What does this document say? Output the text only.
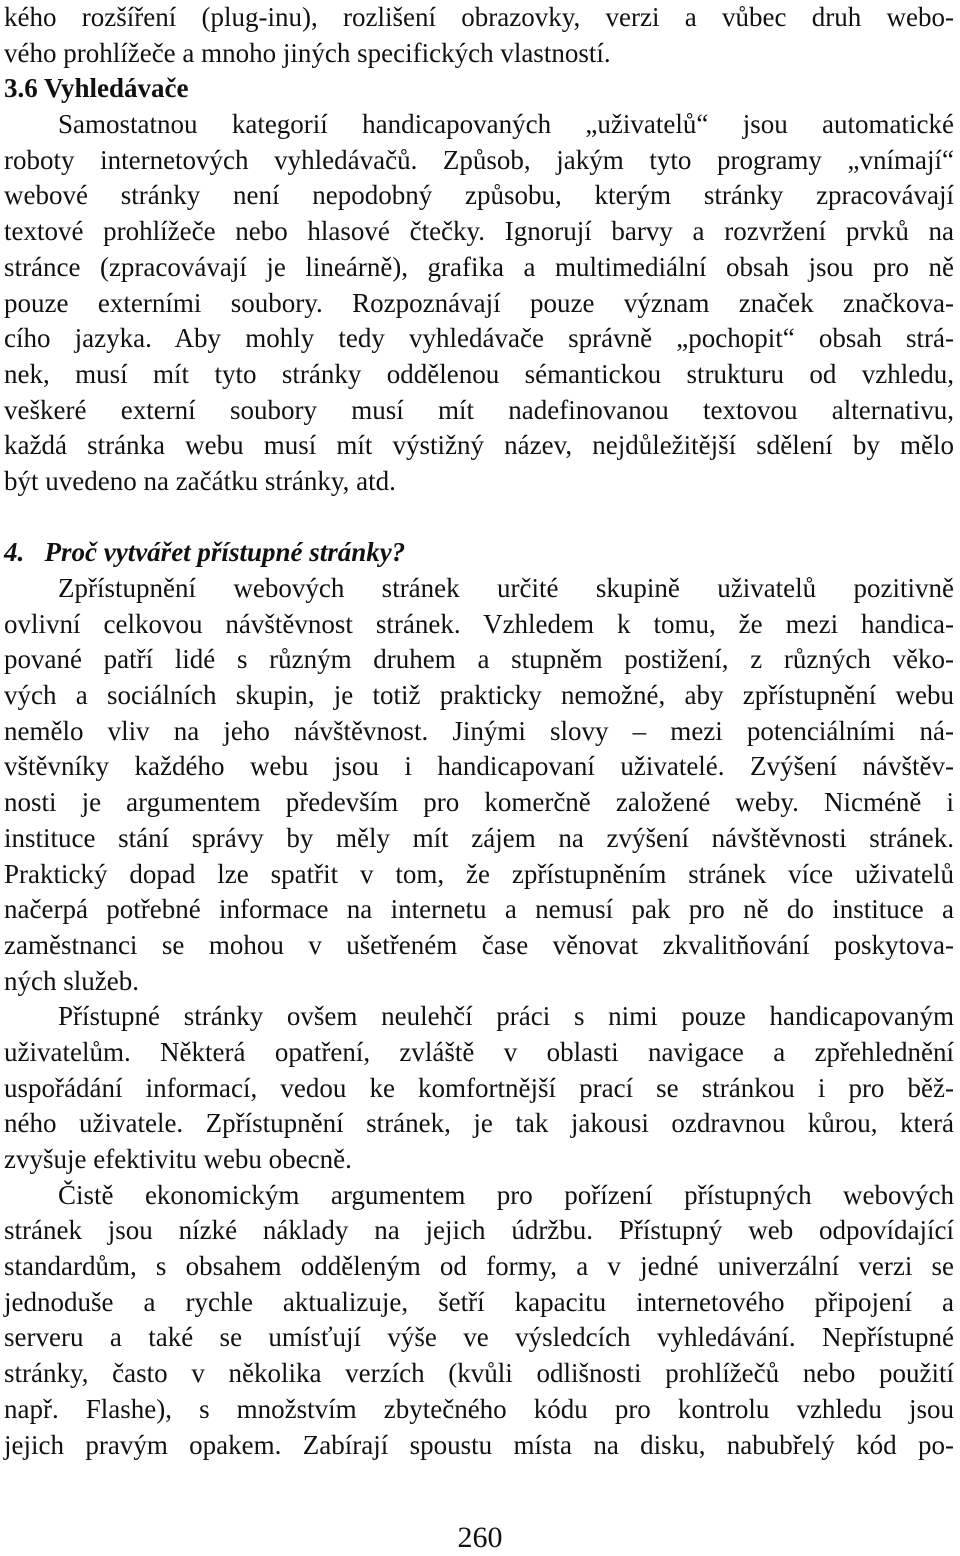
kého rozšíření (plug-inu), rozlišení obrazovky, verzi a vůbec druh webo-
vého prohlížeče a mnoho jiných specifických vlastností.
3.6 Vyhledávače
Samostatnou kategorií handicapovaných „uživatelů“ jsou automatické
roboty internetových vyhledávačů. Způsob, jakým tyto programy „vnímají“
webové stránky není nepodobný způsobu, kterým stránky zpracovávají
textové prohlížeče nebo hlasové čtečky. Ignorují barvy a rozvržení prvků na
stránce (zpracovávají je lineárně), grafika a multimediální obsah jsou pro ně
pouze externími soubory. Rozpoznávají pouze význam značek značkova-
cího jazyka. Aby mohly tedy vyhledávače správně „pochopit“ obsah strá-
nek, musí mít tyto stránky oddělenou sémantickou strukturu od vzhledu,
veškeré externí soubory musí mít nadefinovanou textovou alternativu,
každá stránka webu musí mít výstižný název, nejdůležitější sdělení by mělo
být uvedeno na začátku stránky, atd.
4.   Proč vytvářet přístupné stránky?
Zpřístupnění webových stránek určité skupině uživatelů pozitivně
ovlivní celkovou návštěvnost stránek. Vzhledem k tomu, že mezi handica-
pované patří lidé s různým druhem a stupněm postižení, z různých věko-
vých a sociálních skupin, je totiž prakticky nemožné, aby zpřístupnění webu
nemělo vliv na jeho návštěvnost. Jinými slovy – mezi potenciálními ná-
vštěvníky každého webu jsou i handicapovaní uživatelé. Zvýšení návštěv-
nosti je argumentem především pro komerčně založené weby. Nicméně i
instituce stání správy by měly mít zájem na zvýšení návštěvnosti stránek.
Praktický dopad lze spatřit v tom, že zpřístupněním stránek více uživatelů
načerpá potřebné informace na internetu a nemusí pak pro ně do instituce a
zaměstnanci se mohou v ušetřeném čase věnovat zkvalitňování poskytova-
ných služeb.
Přístupné stránky ovšem neulehčí práci s nimi pouze handicapovaným
uživatelům. Některá opatření, zvláště v oblasti navigace a zpřehlednění
uspořádání informací, vedou ke komfortnější prací se stránkou i pro běž-
ného uživatele. Zpřístupnění stránek, je tak jakousi ozdravnou kůrou, která
zvyšuje efektivitu webu obecně.
Čistě ekonomickým argumentem pro pořízení přístupných webových
stránek jsou nízké náklady na jejich údržbu. Přístupný web odpovídající
standardům, s obsahem odděleným od formy, a v jedné univerzální verzi se
jednoduše a rychle aktualizuje, šetří kapacitu internetového připojení a
serveru a také se umísťují výše ve výsledcích vyhledávání. Nepřístupné
stránky, často v několika verzích (kvůli odlišnosti prohlížečů nebo použití
např. Flashe), s množstvím zbytečného kódu pro kontrolu vzhledu jsou
jejich pravým opakem. Zabírají spoustu místa na disku, nabubřelý kód po-
260
